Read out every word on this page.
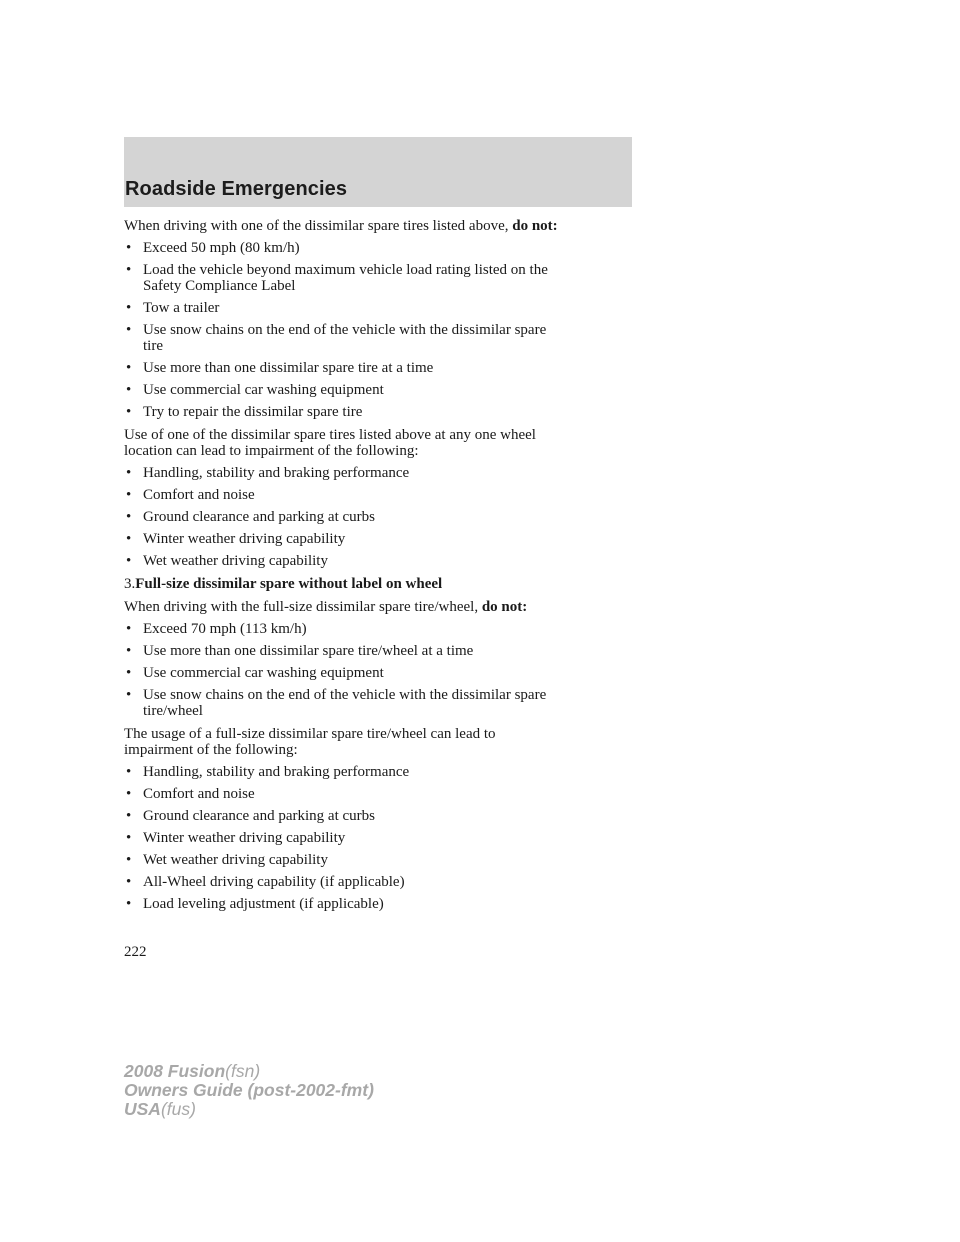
Roadside Emergencies

When driving with one of the dissimilar spare tires listed above, do not:

• Exceed 50 mph (80 km/h)
• Load the vehicle beyond maximum vehicle load rating listed on the
Safety Compliance Label
• Tow a trailer
• Use snow chains on the end of the vehicle with the dissimilar spare
tire
• Use more than one dissimilar spare tire at a time
• Use commercial car washing equipment
• Try to repair the dissimilar spare tire

Use of one of the dissimilar spare tires listed above at any one wheel
location can lead to impairment of the following:

• Handling, stability and braking performance
• Comfort and noise
• Ground clearance and parking at curbs
• Winter weather driving capability
• Wet weather driving capability

3.Full-size dissimilar spare without label on wheel

When driving with the full-size dissimilar spare tire/wheel, do not:

• Exceed 70 mph (113 km/h)
• Use more than one dissimilar spare tire/wheel at a time
• Use commercial car washing equipment
• Use snow chains on the end of the vehicle with the dissimilar spare
tire/wheel

The usage of a full-size dissimilar spare tire/wheel can lead to
impairment of the following:

• Handling, stability and braking performance
• Comfort and noise
• Ground clearance and parking at curbs
• Winter weather driving capability
• Wet weather driving capability
• All-Wheel driving capability (if applicable)
• Load leveling adjustment (if applicable)
222
2008 Fusion(fsn)
Owners Guide (post-2002-fmt)
USA(fus)
